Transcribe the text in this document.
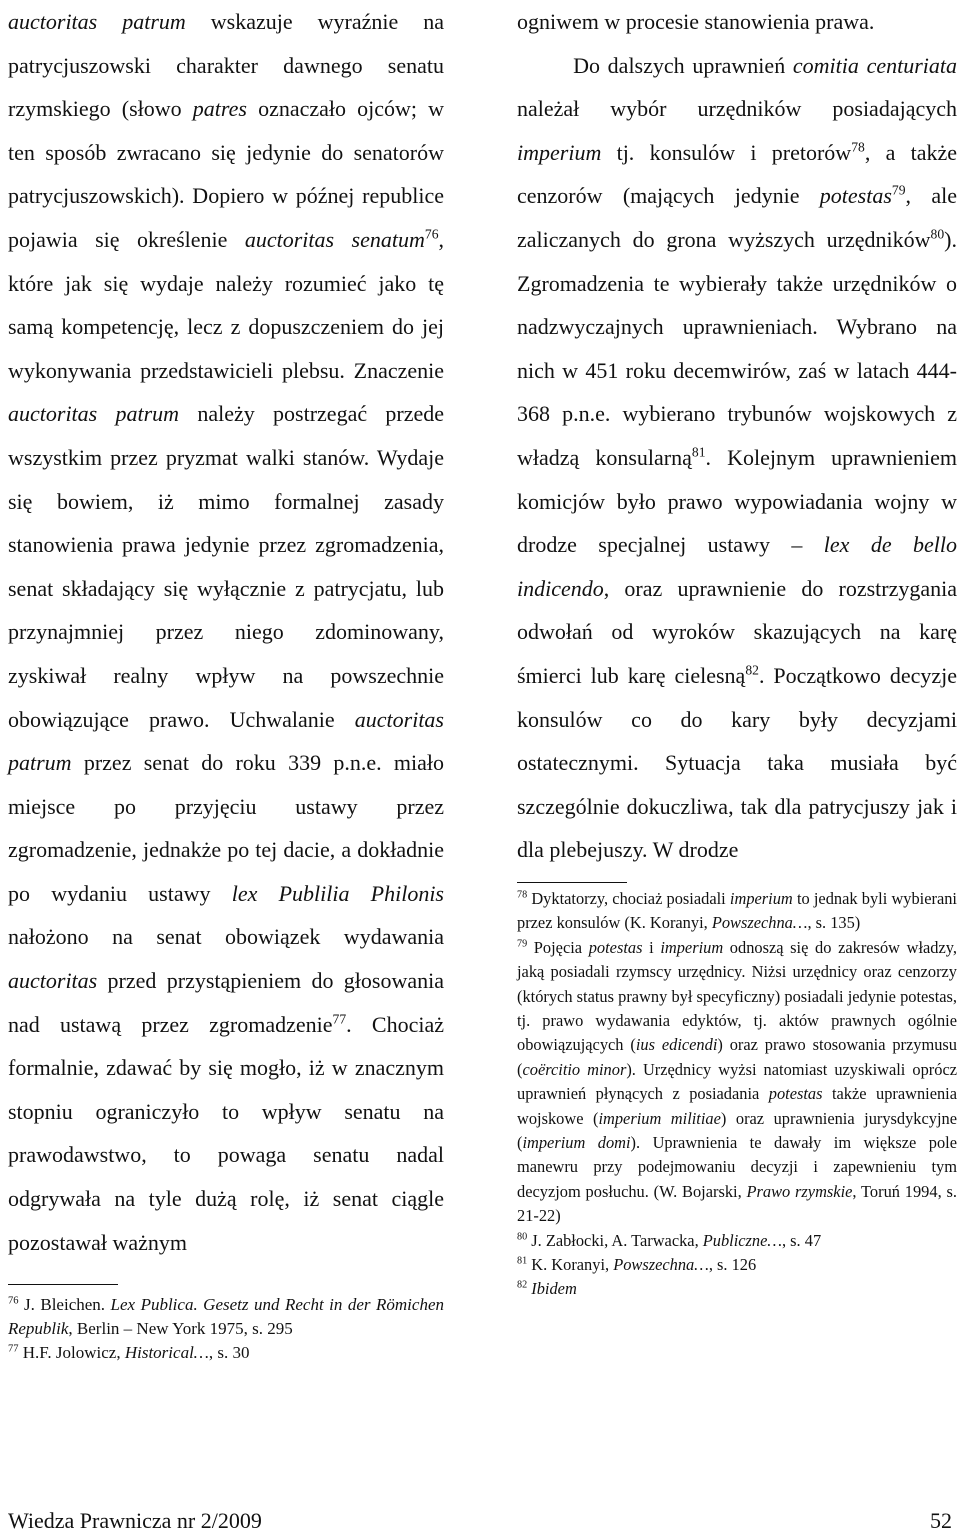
auctoritas patrum wskazuje wyraźnie na patrycjuszowski charakter dawnego senatu rzymskiego (słowo patres oznaczało ojców; w ten sposób zwracano się jedynie do senatorów patrycjuszowskich). Dopiero w późnej republice pojawia się określenie auctoritas senatum$^{76}$, które jak się wydaje należy rozumieć jako tę samą kompetencję, lecz z dopuszczeniem do jej wykonywania przedstawicieli plebsu. Znaczenie auctoritas patrum należy postrzegać przede wszystkim przez pryzmat walki stanów. Wydaje się bowiem, iż mimo formalnej zasady stanowienia prawa jedynie przez zgromadzenia, senat składający się wyłącznie z patrycjatu, lub przynajmniej przez niego zdominowany, zyskiwał realny wpływ na powszechnie obowiązujące prawo. Uchwalanie auctoritas patrum przez senat do roku 339 p.n.e. miało miejsce po przyjęciu ustawy przez zgromadzenie, jednakże po tej dacie, a dokładnie po wydaniu ustawy lex Publilia Philonis nałożono na senat obowiązek wydawania auctoritas przed przystąpieniem do głosowania nad ustawą przez zgromadzenie$^{77}$. Chociaż formalnie, zdawać by się mogło, iż w znacznym stopniu ograniczyło to wpływ senatu na prawodawstwo, to powaga senatu nadal odgrywała na tyle dużą rolę, iż senat ciągle pozostawał ważnym

$^{76}$ J. Bleichen. Lex Publica. Gesetz und Recht in der Römichen Republik, Berlin – New York 1975, s. 295
$^{77}$ H.F. Jolowicz, Historical…, s. 30

ogniwem w procesie stanowienia prawa.

Do dalszych uprawnień comitia centuriata należał wybór urzędników posiadających imperium tj. konsulów i pretorów$^{78}$, a także cenzorów (mających jedynie potestas$^{79}$, ale zaliczanych do grona wyższych urzędników$^{80}$). Zgromadzenia te wybierały także urzędników o nadzwyczajnych uprawnieniach. Wybrano na nich w 451 roku decemwirów, zaś w latach 444-368 p.n.e. wybierano trybunów wojskowych z władzą konsularną$^{81}$. Kolejnym uprawnieniem komicjów było prawo wypowiadania wojny w drodze specjalnej ustawy – lex de bello indicendo, oraz uprawnienie do rozstrzygania odwołań od wyroków skazujących na karę śmierci lub karę cielesną$^{82}$. Początkowo decyzje konsulów co do kary były decyzjami ostatecznymi. Sytuacja taka musiała być szczególnie dokuczliwa, tak dla patrycjuszy jak i dla plebejuszy. W drodze

$^{78}$ Dyktatorzy, chociaż posiadali imperium to jednak byli wybierani przez konsulów (K. Koranyi, Powszechna…, s. 135)
$^{79}$ Pojęcia potestas i imperium odnoszą się do zakresów władzy, jaką posiadali rzymscy urzędnicy. Niżsi urzędnicy oraz cenzorzy (których status prawny był specyficzny) posiadali jedynie potestas, tj. prawo wydawania edyktów, tj. aktów prawnych ogólnie obowiązujących (ius edicendi) oraz prawo stosowania przymusu (coërcitio minor). Urzędnicy wyżsi natomiast uzyskiwali oprócz uprawnień płynących z posiadania potestas także uprawnienia wojskowe (imperium militiae) oraz uprawnienia jurysdykcyjne (imperium domi). Uprawnienia te dawały im większe pole manewru przy podejmowaniu decyzji i zapewnieniu tym decyzjom posłuchu. (W. Bojarski, Prawo rzymskie, Toruń 1994, s. 21-22)
$^{80}$ J. Zabłocki, A. Tarwacka, Publiczne…, s. 47
$^{81}$ K. Koranyi, Powszechna…, s. 126
$^{82}$ Ibidem
Wiedza Prawnicza nr 2/2009	52
